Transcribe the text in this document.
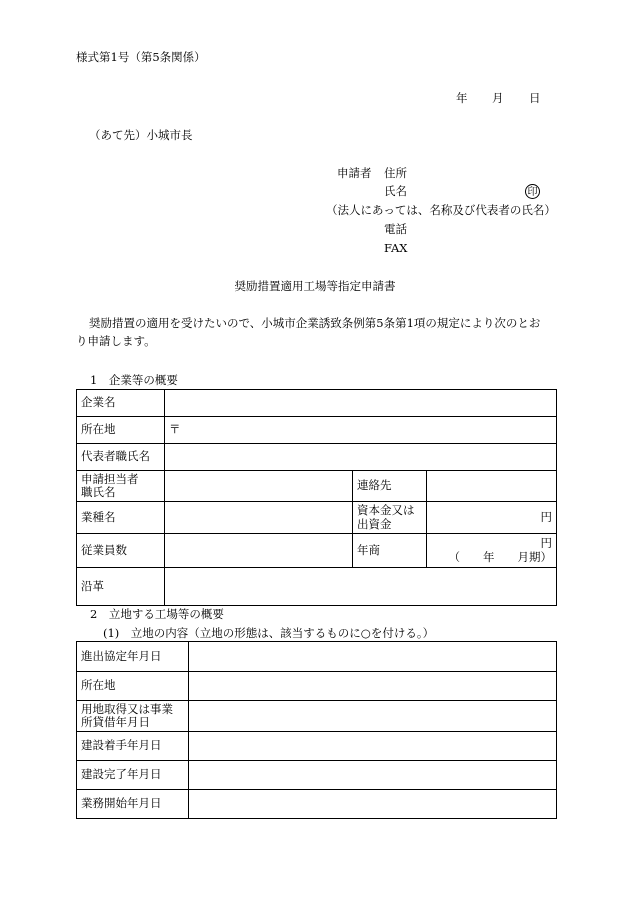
様式第1号（第5条関係）
年 月 日
（あて先）小城市長
申請者 住所
氏名	印
（法人にあっては、名称及び代表者の氏名）
電話
FAX
奨励措置適用工場等指定申請書
奨励措置の適用を受けたいので、小城市企業誘致条例第5条第1項の規定により次のとお
り申請します。
1　企業等の概要
企業名			
所在地	〒		
代表者職氏名			
申請担当者
職氏名		連絡先	
業種名		資本金又は
出資金	円
従業員数		年商	円
（　　年　　月期）
沿革			
2　立地する工場等の概要
(1)　立地の内容（立地の形態は、該当するものに○を付ける。）
進出協定年月日	
所在地	
用地取得又は事業
所貸借年月日	
建設着手年月日	
建設完了年月日	
業務開始年月日	
